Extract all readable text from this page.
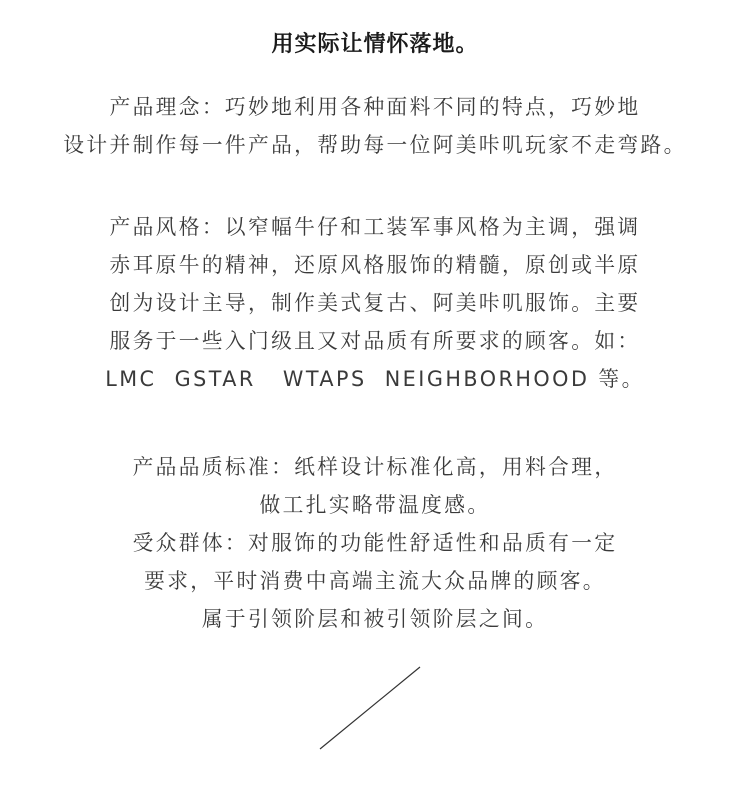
用实际让情怀落地。
产品理念：巧妙地利用各种面料不同的特点，巧妙地
设计并制作每一件产品，帮助每一位阿美咔叽玩家不走弯路。
产品风格：以窄幅牛仔和工装军事风格为主调，强调
赤耳原牛的精神，还原风格服饰的精髓，原创或半原
创为设计主导，制作美式复古、阿美咔叽服饰。主要
服务于一些入门级且又对品质有所要求的顾客。如：
LMC  GSTAR   WTAPS  NEIGHBORHOOD 等。
产品品质标准：纸样设计标准化高，用料合理，
做工扎实略带温度感。
受众群体：对服饰的功能性舒适性和品质有一定
要求，平时消费中高端主流大众品牌的顾客。
属于引领阶层和被引领阶层之间。
